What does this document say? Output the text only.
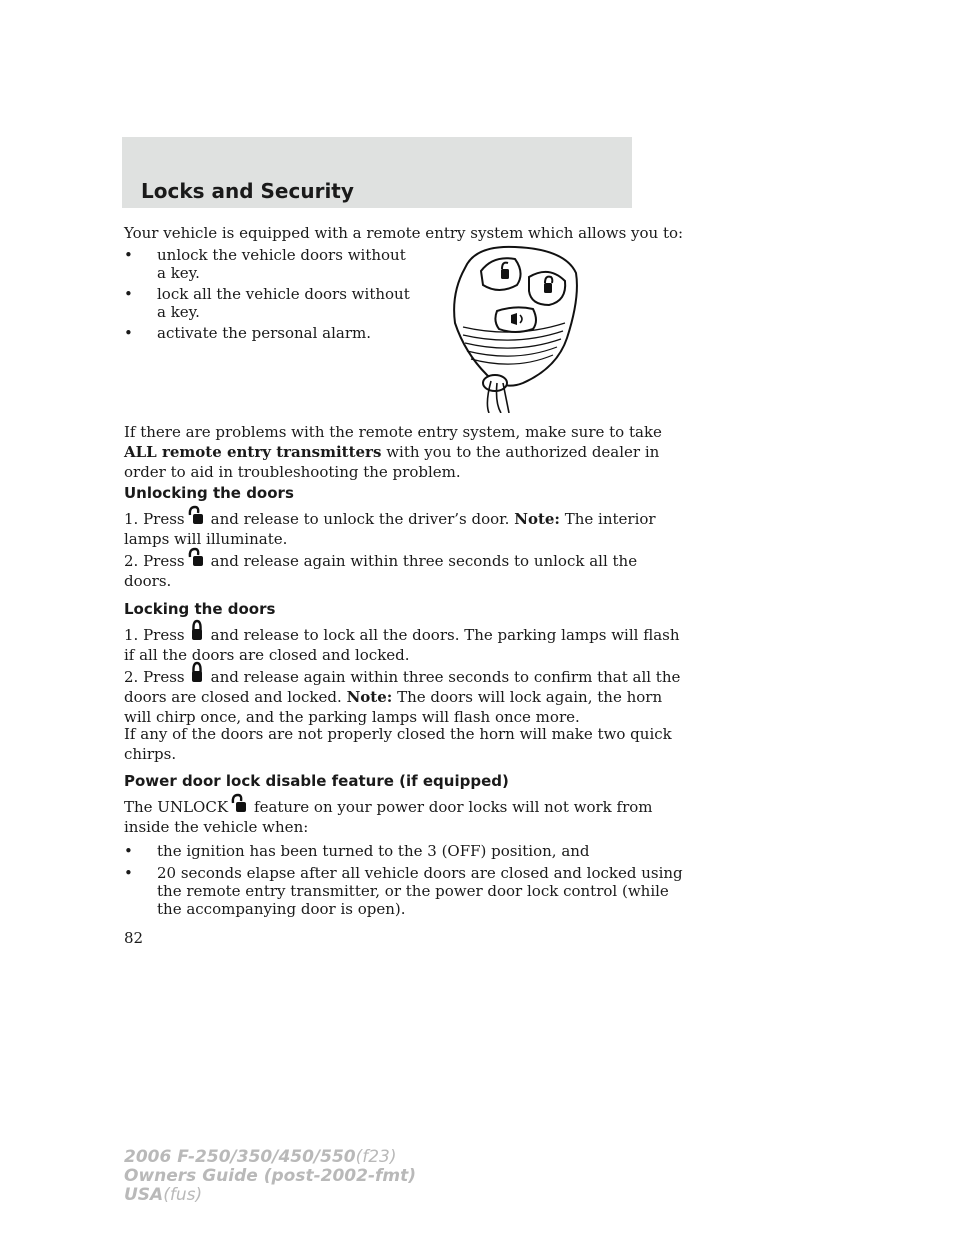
Locks and Security
Your vehicle is equipped with a remote entry system which allows you to:
• unlock the vehicle doors without
a key.
• lock all the vehicle doors without
a key.
• activate the personal alarm.
If there are problems with the remote entry system, make sure to take
ALL remote entry transmitters with you to the authorized dealer in
order to aid in troubleshooting the problem.
Unlocking the doors
1. Press and release to unlock the driver’s door. Note: The interior
lamps will illuminate.
2. Press and release again within three seconds to unlock all the
doors.
Locking the doors
1. Press and release to lock all the doors. The parking lamps will flash
if all the doors are closed and locked.
2. Press and release again within three seconds to confirm that all the
doors are closed and locked. Note: The doors will lock again, the horn
will chirp once, and the parking lamps will flash once more.
If any of the doors are not properly closed the horn will make two quick
chirps.
Power door lock disable feature (if equipped)
The UNLOCK feature on your power door locks will not work from
inside the vehicle when:
• the ignition has been turned to the 3 (OFF) position, and
• 20 seconds elapse after all vehicle doors are closed and locked using
the remote entry transmitter, or the power door lock control (while
the accompanying door is open).
82
2006 F-250/350/450/550(f23)
Owners Guide (post-2002-fmt)
USA(fus)
